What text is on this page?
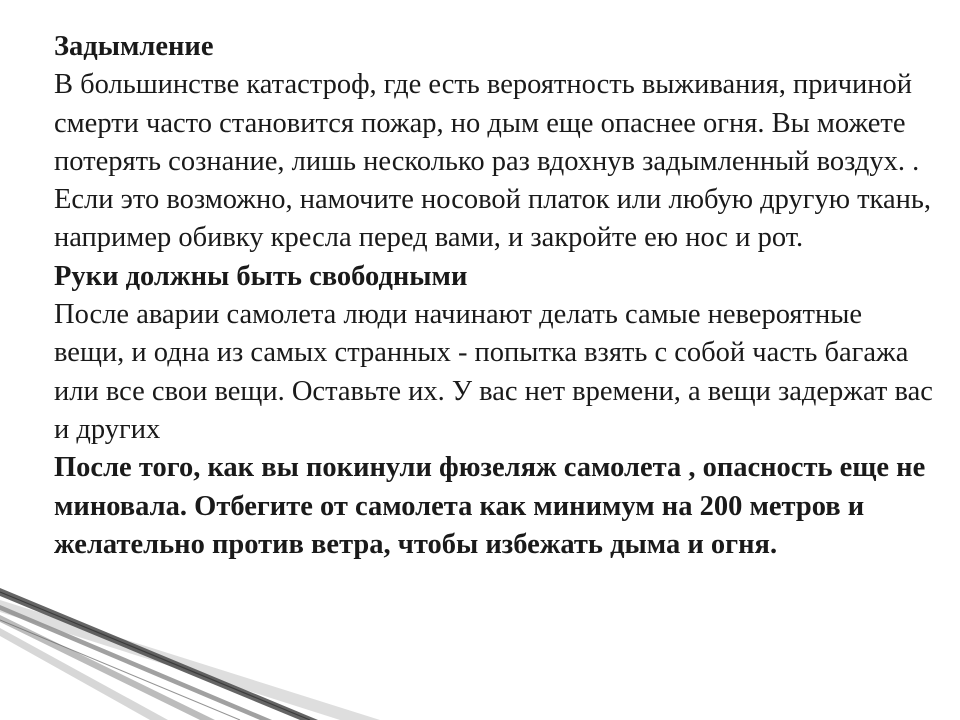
Задымление

В большинстве катастроф, где есть вероятность выживания, причиной смерти часто становится пожар, но дым еще опаснее огня. Вы можете потерять сознание, лишь несколько раз вдохнув задымленный воздух. . Если это возможно, намочите носовой платок или любую другую ткань, например обивку кресла перед вами, и закройте ею нос и рот.

Руки должны быть свободными

После аварии самолета люди начинают делать самые невероятные вещи, и одна из самых странных - попытка взять с собой часть багажа или все свои вещи. Оставьте их. У вас нет времени, а вещи задержат вас и других

После того, как вы покинули фюзеляж самолета , опасность еще не миновала. Отбегите от самолета как минимум на 200 метров и желательно против ветра, чтобы избежать дыма и огня.
